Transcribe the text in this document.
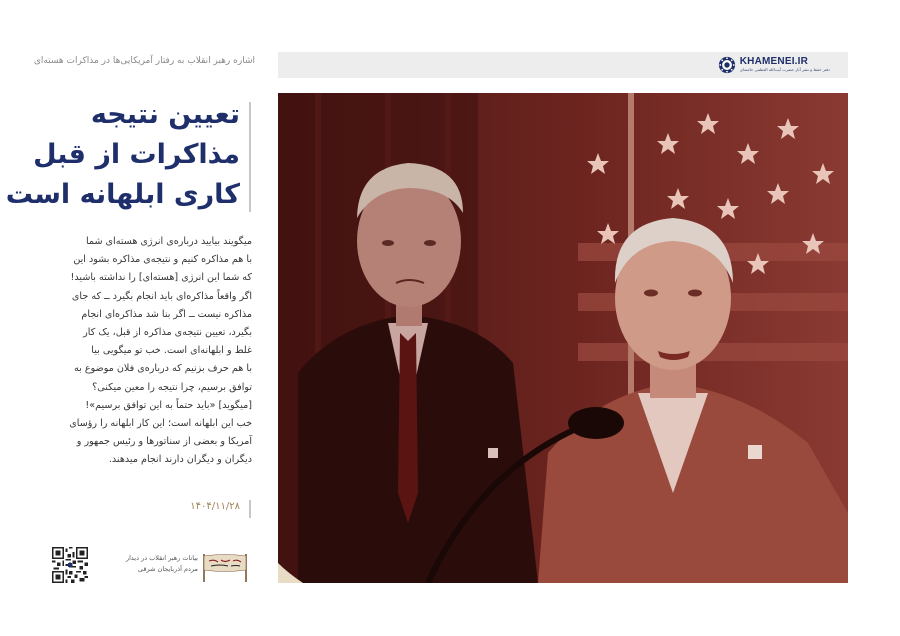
KHAMENEI.IR
دفتر حفظ و نشر آثار حضرت آیت‌الله العظمی خامنه‌ای
اشاره رهبر انقلاب به رفتار آمریکایی‌ها در مذاکرات هسته‌ای
تعیین نتیجه
مذاکرات از قبل
کاری ابلهانه است
میگویند بیایید درباره‌ی انرژی هسته‌ای شما
با هم مذاکره کنیم و نتیجه‌ی مذاکره بشود این
که شما این انرژی [هسته‌ای] را نداشته باشید!
اگر واقعاً مذاکره‌ای باید انجام بگیرد ــ که جای
مذاکره نیست ــ اگر بنا شد مذاکره‌ای انجام
بگیرد، تعیین نتیجه‌ی مذاکره از قبل، یک کار
غلط و ابلهانه‌ای است. خب تو میگویی بیا
با هم حرف بزنیم که درباره‌ی فلان موضوع به
توافق برسیم، چرا نتیجه را معین میکنی؟
[میگوید] «باید حتماً به این توافق برسیم»!
خب این ابلهانه است؛ این کار ابلهانه را رؤسای
آمریکا و بعضی از سناتورها و رئیس جمهور و
دیگران و دیگران دارند انجام میدهند.
۱۴۰۴/۱۱/۲۸
بیانات رهبر انقلاب در دیدار
مردم آذربایجان شرقی
